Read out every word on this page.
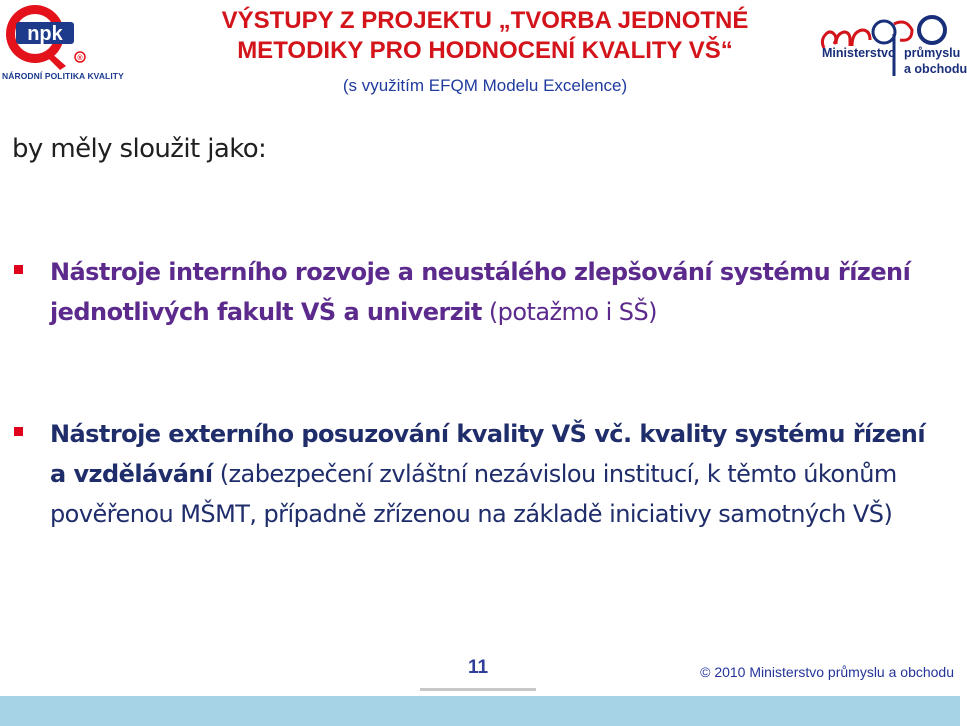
npk
®
NÁRODNÍ POLITIKA KVALITY
VÝSTUPY Z PROJEKTU „TVORBA JEDNOTNÉ
METODIKY PRO HODNOCENÍ KVALITY VŠ“
(s využitím EFQM Modelu Excelence)
Ministerstvo průmyslu
a obchodu
by měly sloužit jako:
Nástroje interního rozvoje a neustálého zlepšování systému řízení jednotlivých fakult VŠ a univerzit (potažmo i SŠ)
Nástroje externího posuzování kvality VŠ vč. kvality systému řízení a vzdělávání (zabezpečení zvláštní nezávislou institucí, k těmto úkonům pověřenou MŠMT, případně zřízenou na základě iniciativy samotných VŠ)
11	© 2010 Ministerstvo průmyslu a obchodu
